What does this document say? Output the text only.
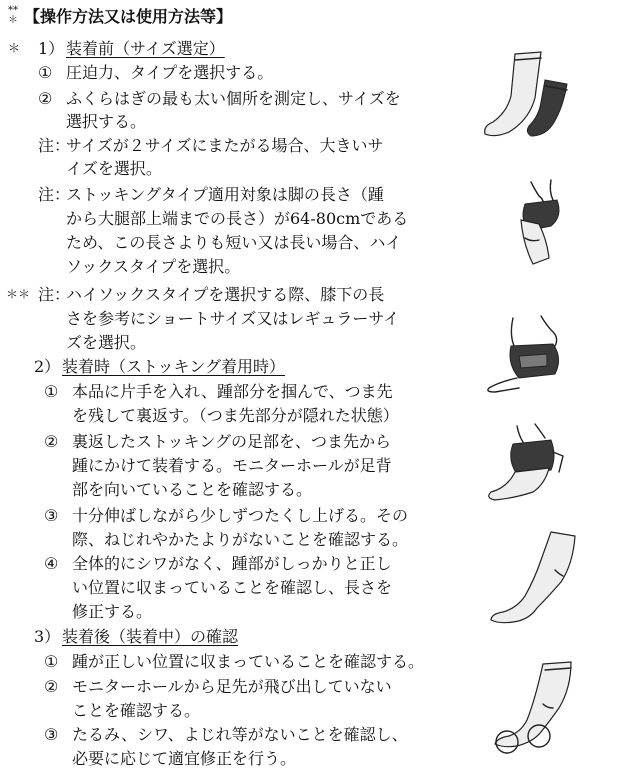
**
＊ 【操作方法又は使用方法等】
＊ 1） 装着前（サイズ選定）
① 圧迫力、タイプを選択する。
② ふくらはぎの最も太い個所を測定し、サイズを
選択する。
注：
サイズが２サイズにまたがる場合、大きいサ
イズを選択。
注：
ストッキングタイプ適用対象は脚の長さ（踵
から大腿部上端までの長さ）が64-80cmである
ため、この長さよりも短い又は長い場合、ハイ
ソックスタイプを選択。
＊＊ 注：
ハイソックスタイプを選択する際、膝下の長
さを参考にショートサイズ又はレギュラーサイ
ズを選択。
2） 装着時（ストッキング着用時）
① 本品に片手を入れ、踵部分を掴んで、つま先
を残して裏返す。（つま先部分が隠れた状態）
② 裏返したストッキングの足部を、つま先から
踵にかけて装着する。モニターホールが足背
部を向いていることを確認する。
③ 十分伸ばしながら少しずつたくし上げる。その
際、ねじれやかたよりがないことを確認する。
④ 全体的にシワがなく、踵部がしっかりと正し
い位置に収まっていることを確認し、長さを
修正する。
3） 装着後（装着中）の確認
① 踵が正しい位置に収まっていることを確認する。
② モニターホールから足先が飛び出していない
ことを確認する。
③ たるみ、シワ、よじれ等がないことを確認し、
必要に応じて適宜修正を行う。
